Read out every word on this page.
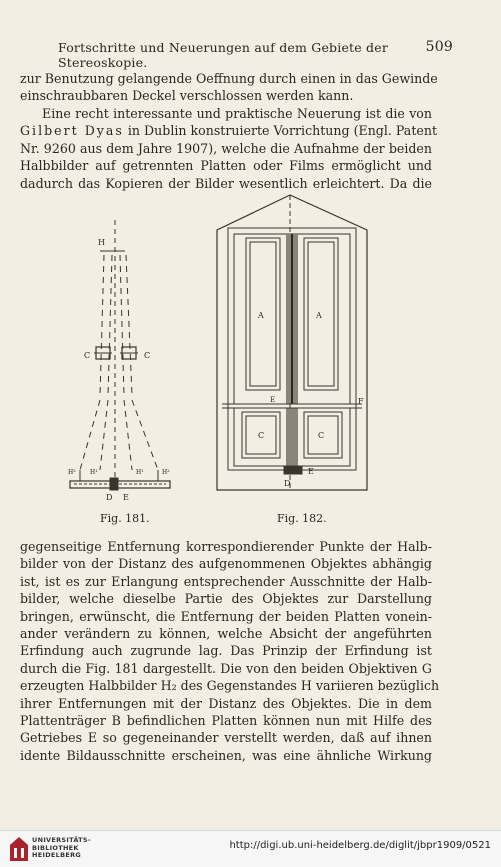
Fortschritte und Neuerungen auf dem Gebiete der Stereoskopie.
509
zur Benutzung gelangende Oeffnung durch einen in das Gewinde
einschraubbaren Deckel verschlossen werden kann.
Eine recht interessante und praktische Neuerung ist die von
Gilbert Dyas in Dublin konstruierte Vorrichtung (Engl. Patent
Nr. 9260 aus dem Jahre 1907), welche die Aufnahme der beiden
Halbbilder auf getrennten Platten oder Films ermöglicht und
dadurch das Kopieren der Bilder wesentlich erleichtert. Da die
H
C	C
H² H¹	H¹	H²
D E
Fig. 181.
A	A
C	C
E	F
E
D
Fig. 182.
gegenseitige Entfernung korrespondierender Punkte der Halb-
bilder von der Distanz des aufgenommenen Objektes abhängig
ist, ist es zur Erlangung entsprechender Ausschnitte der Halb-
bilder, welche dieselbe Partie des Objektes zur Darstellung
bringen, erwünscht, die Entfernung der beiden Platten vonein-
ander verändern zu können, welche Absicht der angeführten
Erfindung auch zugrunde lag. Das Prinzip der Erfindung ist
durch die Fig. 181 dargestellt. Die von den beiden Objektiven G
erzeugten Halbbilder H₂ des Gegenstandes H variieren bezüglich
ihrer Entfernungen mit der Distanz des Objektes. Die in dem
Plattenträger B befindlichen Platten können nun mit Hilfe des
Getriebes E so gegeneinander verstellt werden, daß auf ihnen
idente Bildausschnitte erscheinen, was eine ähnliche Wirkung
UNIVERSITÄTS-
BIBLIOTHEK
HEIDELBERG
http://digi.ub.uni-heidelberg.de/diglit/jbpr1909/0521
